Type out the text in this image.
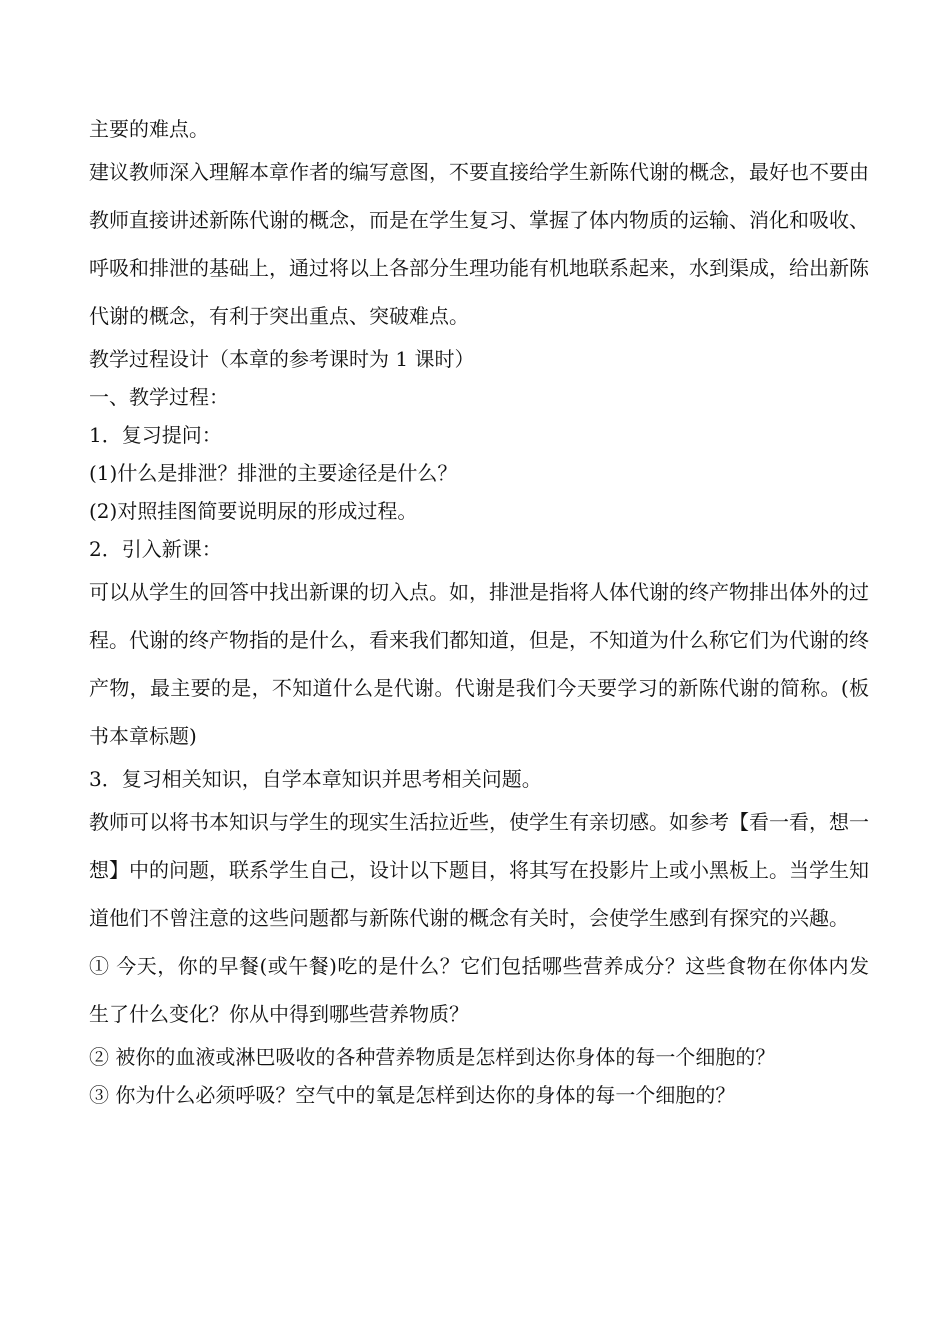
主要的难点。

建议教师深入理解本章作者的编写意图，不要直接给学生新陈代谢的概念，最好也不要由教师直接讲述新陈代谢的概念，而是在学生复习、掌握了体内物质的运输、消化和吸收、呼吸和排泄的基础上，通过将以上各部分生理功能有机地联系起来，水到渠成，给出新陈代谢的概念，有利于突出重点、突破难点。

教学过程设计（本章的参考课时为 1 课时）

一、教学过程：

1．复习提问：

(1)什么是排泄？排泄的主要途径是什么？

(2)对照挂图简要说明尿的形成过程。

2．引入新课：

可以从学生的回答中找出新课的切入点。如，排泄是指将人体代谢的终产物排出体外的过程。代谢的终产物指的是什么，看来我们都知道，但是，不知道为什么称它们为代谢的终产物，最主要的是，不知道什么是代谢。代谢是我们今天要学习的新陈代谢的简称。(板书本章标题)

3．复习相关知识，自学本章知识并思考相关问题。

教师可以将书本知识与学生的现实生活拉近些，使学生有亲切感。如参考【看一看，想一想】中的问题，联系学生自己，设计以下题目，将其写在投影片上或小黑板上。当学生知道他们不曾注意的这些问题都与新陈代谢的概念有关时，会使学生感到有探究的兴趣。

① 今天，你的早餐(或午餐)吃的是什么？它们包括哪些营养成分？这些食物在你体内发生了什么变化？你从中得到哪些营养物质？

② 被你的血液或淋巴吸收的各种营养物质是怎样到达你身体的每一个细胞的？

③ 你为什么必须呼吸？空气中的氧是怎样到达你的身体的每一个细胞的？
